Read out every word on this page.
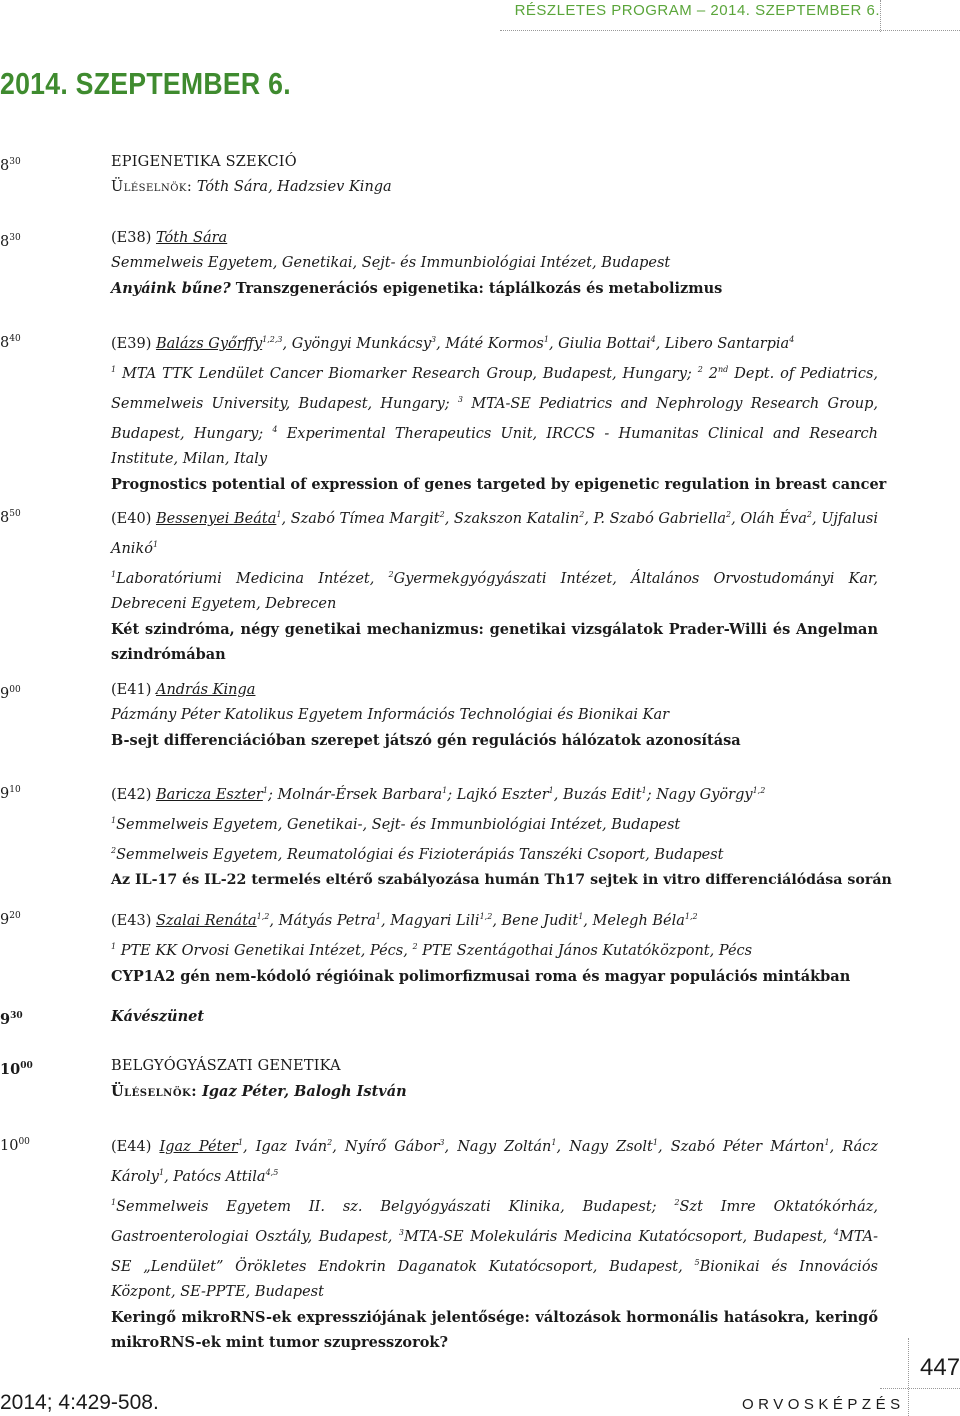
RÉSZLETES PROGRAM – 2014. SZEPTEMBER 6.
2014. SZEPTEMBER 6.
$8^{30}$	EPIGENETIKA SZEKCIÓ
Üléselnök: Tóth Sára, Hadzsiev Kinga
$8^{30}$	(E38) Tóth Sára
Semmelweis Egyetem, Genetikai, Sejt- és Immunbiológiai Intézet, Budapest
Anyáink bűne? Transzgenerációs epigenetika: táplálkozás és metabolizmus
$8^{40}$	(E39) Balázs Győrffy$^{1,2,3}$, Gyöngyi Munkácsy$^3$, Máté Kormos$^1$, Giulia Bottai$^4$, Libero Santarpia$^4$
$^1$ MTA TTK Lendület Cancer Biomarker Research Group, Budapest, Hungary; $^2$ 2nd Dept. of Pediatrics, Semmelweis University, Budapest, Hungary; $^3$ MTA-SE Pediatrics and Nephrology Research Group, Budapest, Hungary; $^4$ Experimental Therapeutics Unit, IRCCS - Humanitas Clinical and Research Institute, Milan, Italy
Prognostics potential of expression of genes targeted by epigenetic regulation in breast cancer
$8^{50}$	(E40) Bessenyei Beáta$^1$, Szabó Tímea Margit$^2$, Szakszon Katalin$^2$, P. Szabó Gabriella$^2$, Oláh Éva$^2$, Ujfalusi Anikó$^1$
$^1$Laboratóriumi Medicina Intézet, $^2$Gyermekgyógyászati Intézet, Általános Orvostudományi Kar, Debreceni Egyetem, Debrecen
Két szindróma, négy genetikai mechanizmus: genetikai vizsgálatok Prader-Willi és Angelman szindrómában
$9^{00}$	(E41) András Kinga
Pázmány Péter Katolikus Egyetem Információs Technológiai és Bionikai Kar
B-sejt differenciációban szerepet játszó gén regulációs hálózatok azonosítása
$9^{10}$	(E42) Baricza Eszter$^1$; Molnár-Érsek Barbara$^1$; Lajkó Eszter$^1$, Buzás Edit$^1$; Nagy György$^{1,2}$
$^1$Semmelweis Egyetem, Genetikai-, Sejt- és Immunbiológiai Intézet, Budapest
$^2$Semmelweis Egyetem, Reumatológiai és Fizioterápiás Tanszéki Csoport, Budapest
Az IL-17 és IL-22 termelés eltérő szabályozása humán Th17 sejtek in vitro differenciálódása során
$9^{20}$	(E43) Szalai Renáta$^{1,2}$, Mátyás Petra$^1$, Magyari Lili$^{1,2}$, Bene Judit$^1$, Melegh Béla$^{1,2}$
$^1$ PTE KK Orvosi Genetikai Intézet, Pécs, $^2$ PTE Szentágothai János Kutatóközpont, Pécs
CYP1A2 gén nem-kódoló régióinak polimorfizmusai roma és magyar populációs mintákban
$9^{30}$	Kávészünet
$10^{00}$	BELGYÓGYÁSZATI GENETIKA
Üléselnök: Igaz Péter, Balogh István
$10^{00}$	(E44) Igaz Péter$^1$, Igaz Iván$^2$, Nyírő Gábor$^3$, Nagy Zoltán$^1$, Nagy Zsolt$^1$, Szabó Péter Márton$^1$, Rácz Károly$^1$, Patócs Attila$^{4,5}$
$^1$Semmelweis Egyetem II. sz. Belgyógyászati Klinika, Budapest; $^2$Szt Imre Oktatókórház, Gastroenterologiai Osztály, Budapest, $^3$MTA-SE Molekuláris Medicina Kutatócsoport, Budapest, $^4$MTA-SE „Lendület” Örökletes Endokrin Daganatok Kutatócsoport, Budapest, $^5$Bionikai és Innovációs Központ, SE-PPTE, Budapest
Keringő mikroRNS-ek expressziójának jelentősége: változások hormonális hatásokra, keringő mikroRNS-ek mint tumor szupresszorok?
447
2014; 4:429-508.	ORVOSKÉPZÉS
